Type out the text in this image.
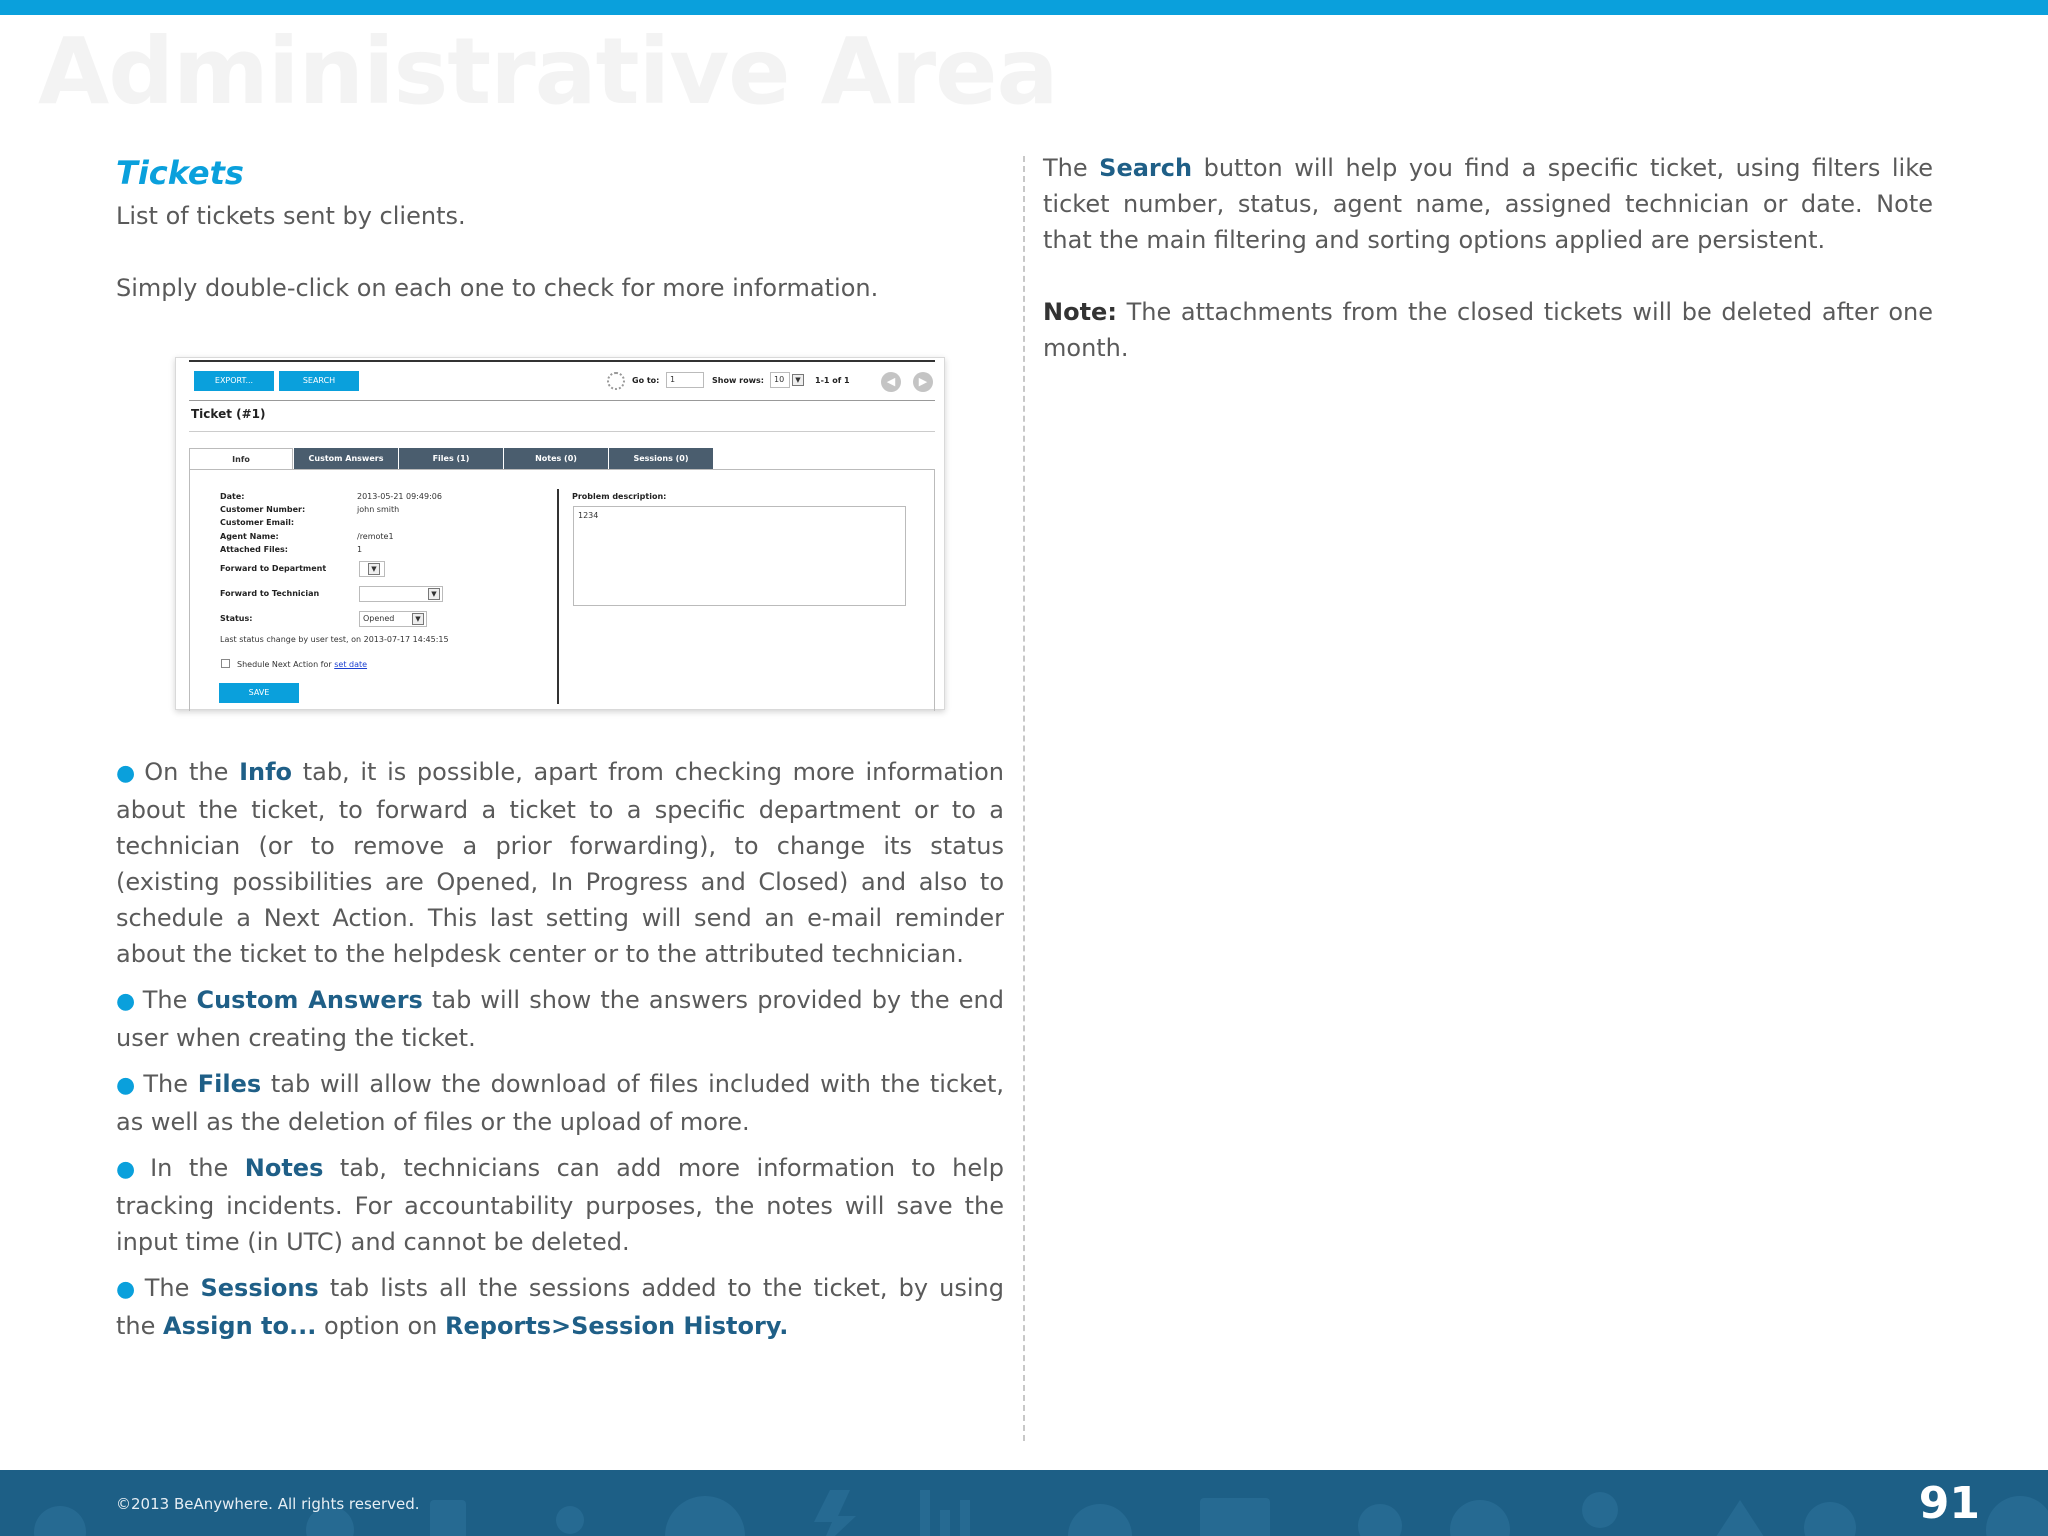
Administrative Area
Tickets
List of tickets sent by clients.
Simply double-click on each one to check for more information.
EXPORT...	SEARCH	Go to:	1	Show rows:	10	▼	1-1 of 1	◀	▶
Ticket (#1)
Info	Custom Answers	Files (1)	Notes (0)	Sessions (0)
Date:	2013-05-21 09:49:06
Customer Number:	john smith
Customer Email:
Agent Name:	/remote1
Attached Files:	1
Forward to Department	▼
Forward to Technician	▼
Status:	Opened	▼
Last status change by user test, on 2013-07-17 14:45:15
Shedule Next Action for set date
SAVE
Problem description:
1234
● On the Info tab, it is possible, apart from checking more information about the ticket, to forward a ticket to a specific department or to a technician (or to remove a prior forwarding), to change its status (existing possibilities are Opened, In Progress and Closed) and also to schedule a Next Action. This last setting will send an e-mail reminder about the ticket to the helpdesk center or to the attributed technician.
● The Custom Answers tab will show the answers provided by the end user when creating the ticket.
● The Files tab will allow the download of files included with the ticket, as well as the deletion of files or the upload of more.
● In the Notes tab, technicians can add more information to help tracking incidents. For accountability purposes, the notes will save the input time (in UTC) and cannot be deleted.
● The Sessions tab lists all the sessions added to the ticket, by using the Assign to... option on Reports>Session History.
The Search button will help you find a specific ticket, using filters like ticket number, status, agent name, assigned technician or date. Note that the main filtering and sorting options applied are persistent.
Note: The attachments from the closed tickets will be deleted after one month.
©2013 BeAnywhere. All rights reserved.	91
